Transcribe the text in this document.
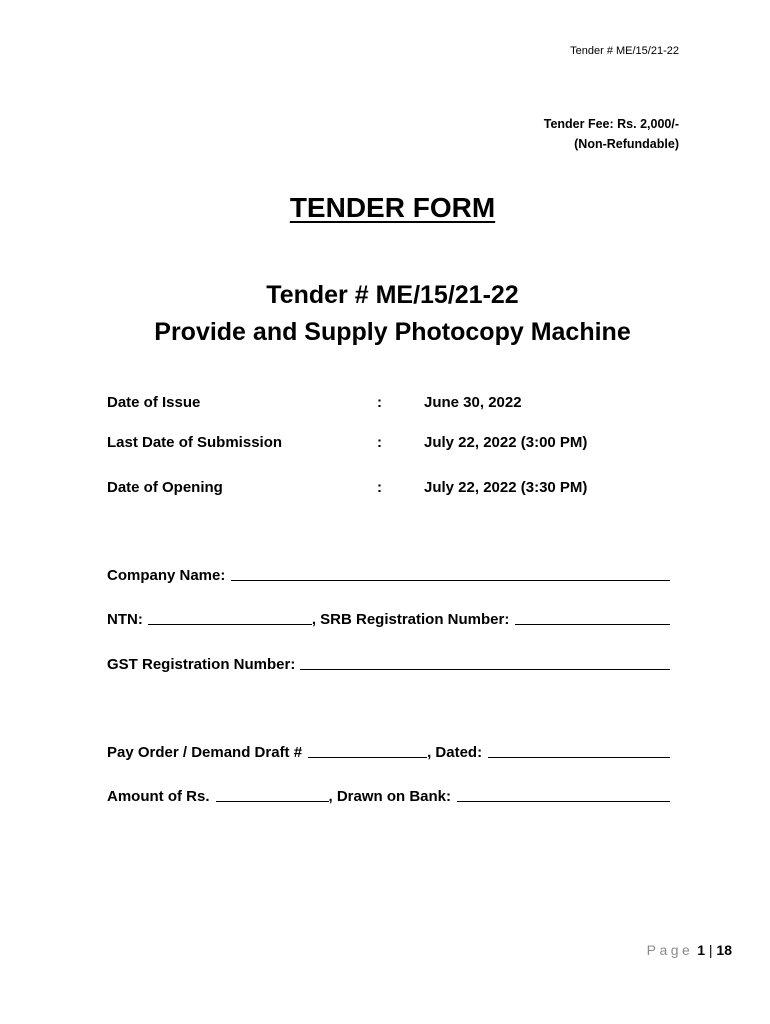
Tender # ME/15/21-22
Tender Fee: Rs. 2,000/-
(Non-Refundable)
TENDER FORM
Tender # ME/15/21-22
Provide and Supply Photocopy Machine
Date of Issue	:	June 30, 2022
Last Date of Submission	:	July 22, 2022 (3:00 PM)
Date of Opening	:	July 22, 2022 (3:30 PM)
Company Name:
NTN:	, SRB Registration Number:
GST Registration Number:
Pay Order / Demand Draft #	, Dated:
Amount of Rs.	, Drawn on Bank:
Page 1 | 18
